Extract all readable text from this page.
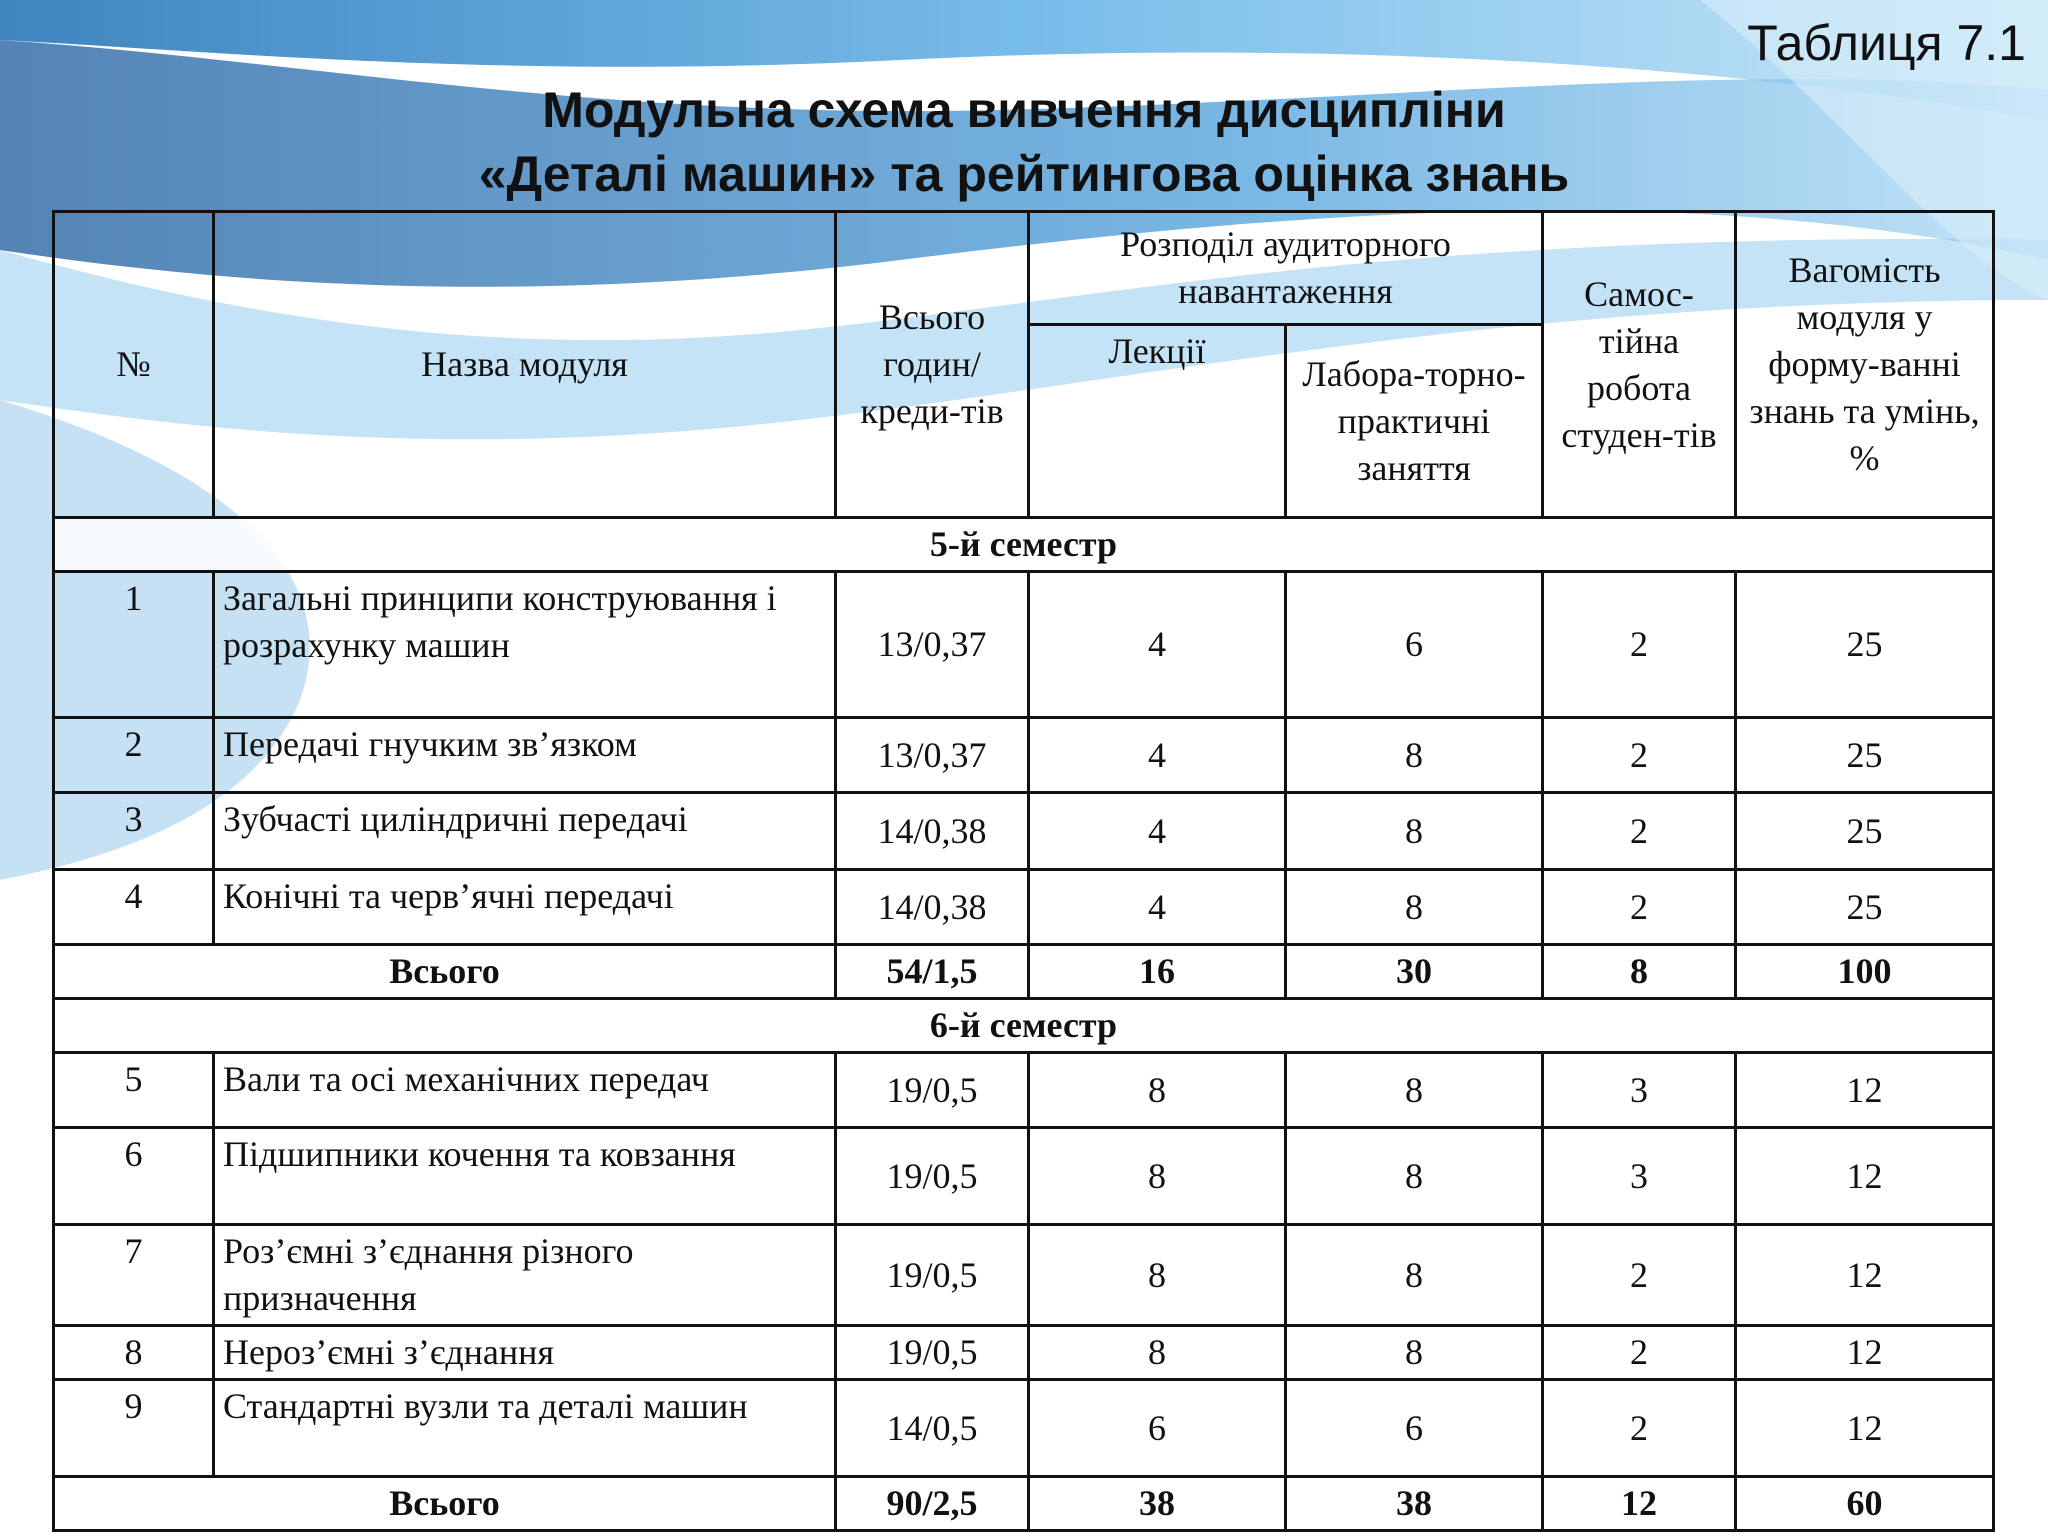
Таблиця 7.1
Модульна схема вивчення дисципліни
«Деталі машин» та рейтингова оцінка знань
№	Назва модуля	Всього годин/ креди-тів	Розподіл аудиторного навантаження		Самос-тійна робота студен-тів	Вагомість модуля у форму-ванні знань та умінь, %
			Лекції	Лабора-торно-практичні заняття		
5-й семестр						
1	Загальні принципи конструювання і розрахунку машин	13/0,37	4	6	2	25
2	Передачі гнучким зв’язком	13/0,37	4	8	2	25
3	Зубчасті циліндричні передачі	14/0,38	4	8	2	25
4	Конічні та черв’ячні передачі	14/0,38	4	8	2	25
Всього		54/1,5	16	30	8	100
6-й семестр						
5	Вали та осі механічних передач	19/0,5	8	8	3	12
6	Підшипники кочення та ковзання	19/0,5	8	8	3	12
7	Роз’ємні з’єднання різного призначення	19/0,5	8	8	2	12
8	Нероз’ємні з’єднання	19/0,5	8	8	2	12
9	Стандартні вузли та деталі машин	14/0,5	6	6	2	12
Всього		90/2,5	38	38	12	60
